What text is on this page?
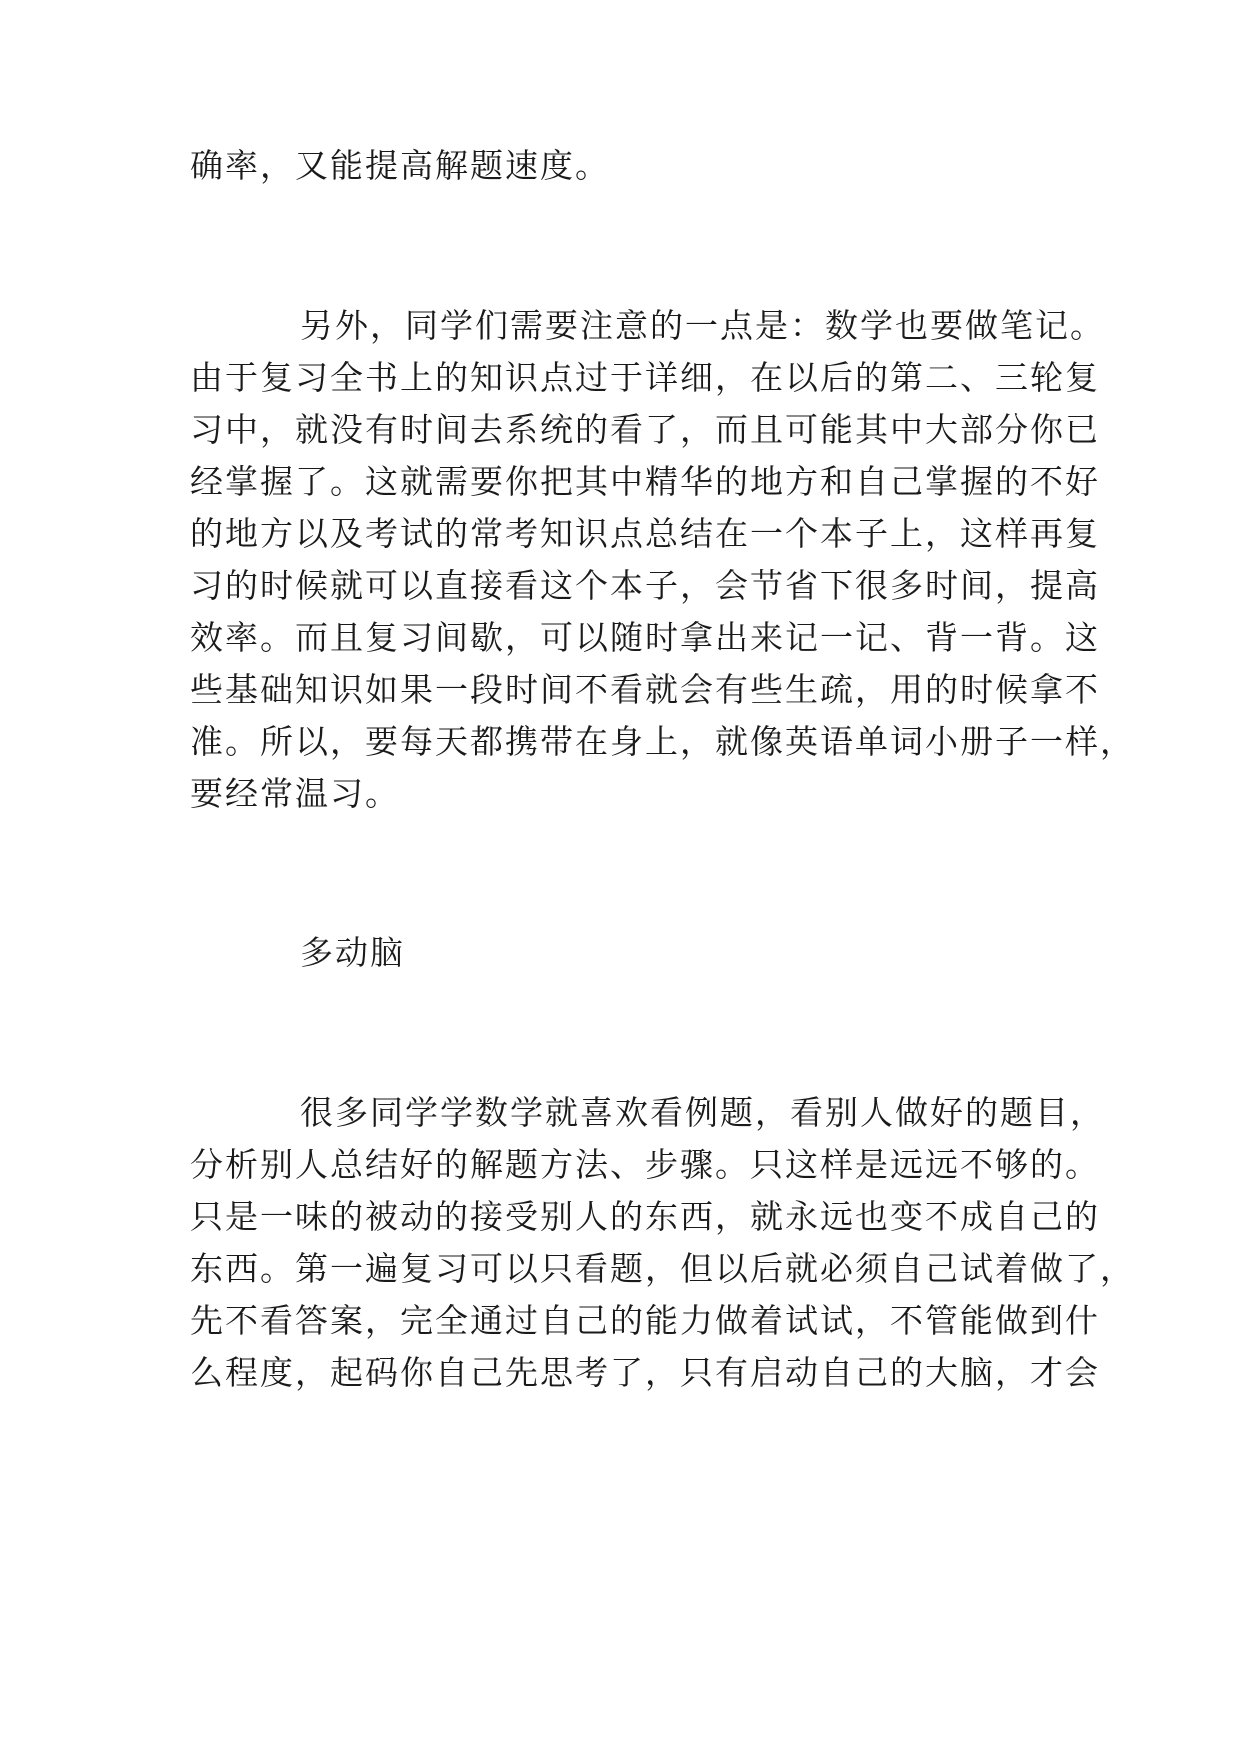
确率，又能提高解题速度。
另外，同学们需要注意的一点是：数学也要做笔记。
由于复习全书上的知识点过于详细，在以后的第二、三轮复
习中，就没有时间去系统的看了，而且可能其中大部分你已
经掌握了。这就需要你把其中精华的地方和自己掌握的不好
的地方以及考试的常考知识点总结在一个本子上，这样再复
习的时候就可以直接看这个本子，会节省下很多时间，提高
效率。而且复习间歇，可以随时拿出来记一记、背一背。这
些基础知识如果一段时间不看就会有些生疏，用的时候拿不
准。所以，要每天都携带在身上，就像英语单词小册子一样，
要经常温习。
多动脑
很多同学学数学就喜欢看例题，看别人做好的题目，
分析别人总结好的解题方法、步骤。只这样是远远不够的。
只是一味的被动的接受别人的东西，就永远也变不成自己的
东西。第一遍复习可以只看题，但以后就必须自己试着做了，
先不看答案，完全通过自己的能力做着试试，不管能做到什
么程度，起码你自己先思考了，只有启动自己的大脑，才会
